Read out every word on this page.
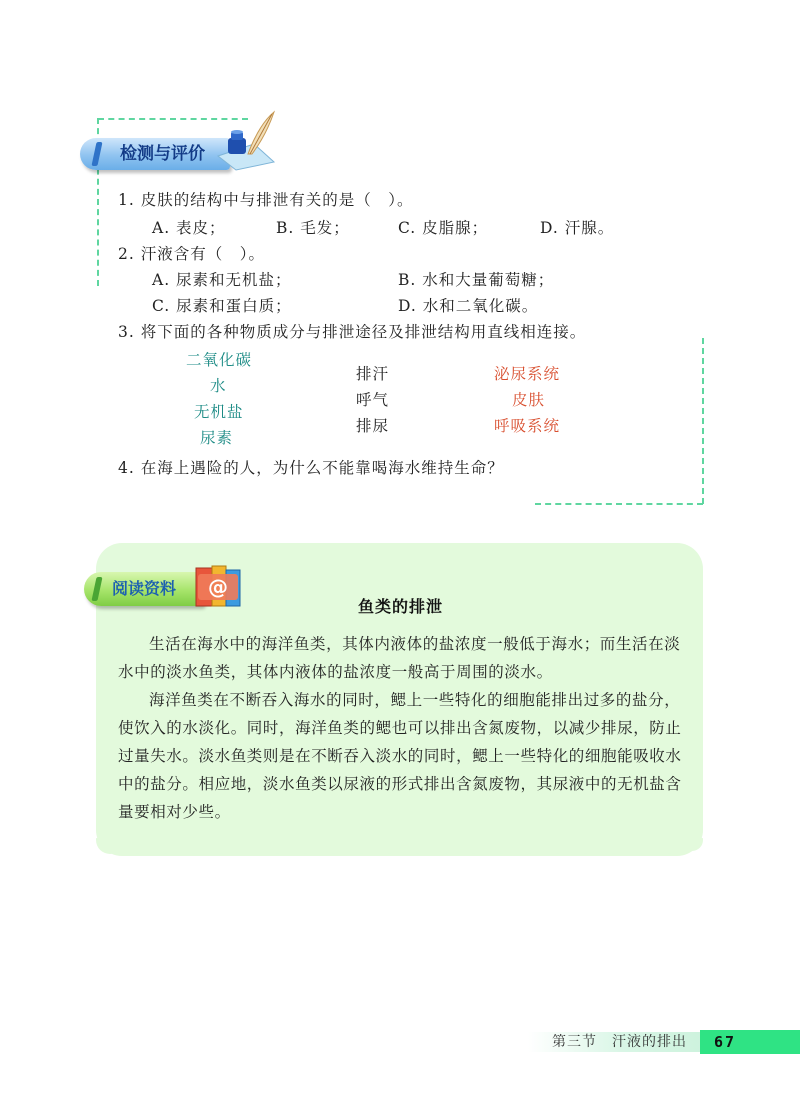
检测与评价
1. 皮肤的结构中与排泄有关的是（　）。
A. 表皮；	B. 毛发；	C. 皮脂腺；	D. 汗腺。
2. 汗液含有（　）。
A. 尿素和无机盐；	B. 水和大量葡萄糖；
C. 尿素和蛋白质；	D. 水和二氧化碳。
3. 将下面的各种物质成分与排泄途径及排泄结构用直线相连接。
二氧化碳
水
无机盐
尿素
排汗
呼气
排尿
泌尿系统
皮肤
呼吸系统
4. 在海上遇险的人，为什么不能靠喝海水维持生命？
阅读资料	@
鱼类的排泄
生活在海水中的海洋鱼类，其体内液体的盐浓度一般低于海水；而生活在淡水中的淡水鱼类，其体内液体的盐浓度一般高于周围的淡水。
海洋鱼类在不断吞入海水的同时，鳃上一些特化的细胞能排出过多的盐分，使饮入的水淡化。同时，海洋鱼类的鳃也可以排出含氮废物，以减少排尿，防止过量失水。淡水鱼类则是在不断吞入淡水的同时，鳃上一些特化的细胞能吸收水中的盐分。相应地，淡水鱼类以尿液的形式排出含氮废物，其尿液中的无机盐含量要相对少些。
第三节　汗液的排出	67
